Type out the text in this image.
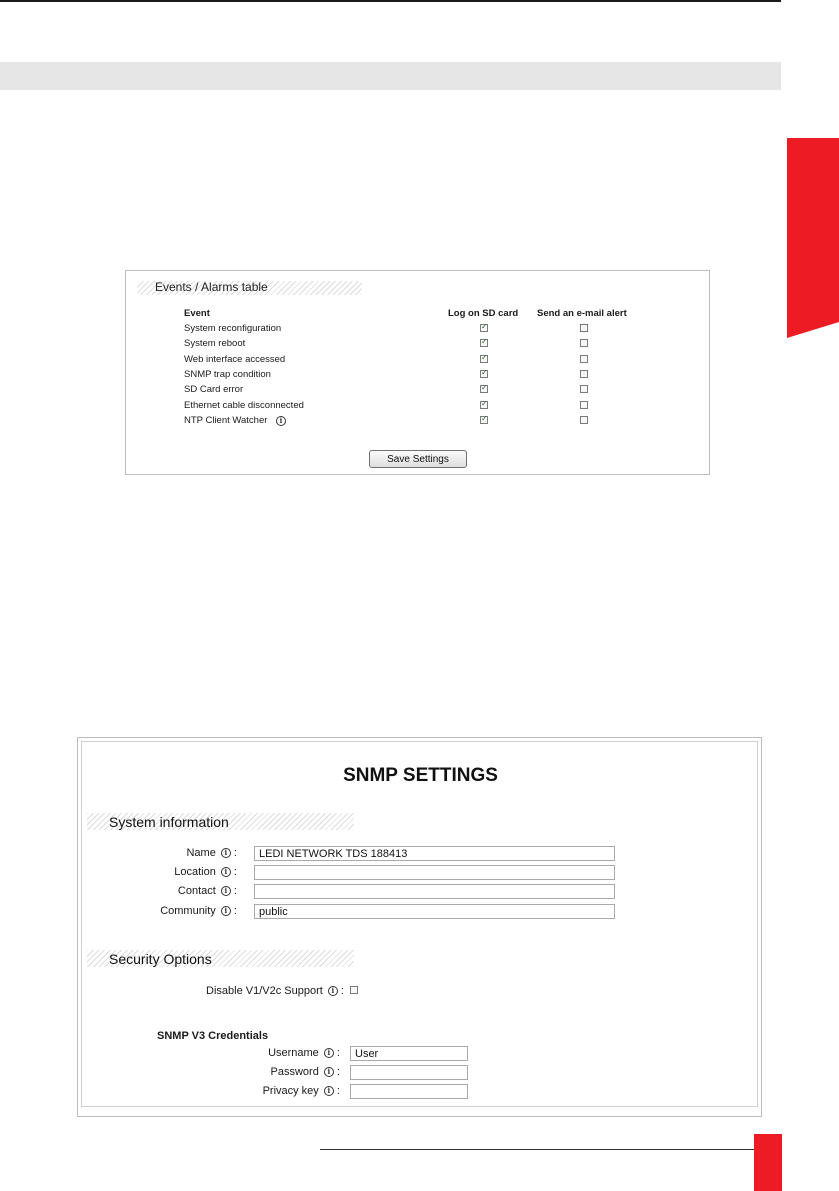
Events / Alarms table
Event	Log on SD card Send an e-mail alert
System reconfiguration
✓
System reboot
✓
Web interface accessed
✓
SNMP trap condition
✓
SD Card error
✓
Ethernet cable disconnected
✓
NTP Client Watcher	i
✓
Save Settings
SNMP SETTINGS
System information
Name i :
LEDI NETWORK TDS 188413
Location i :
Contact i :
Community i :
public
Security Options
Disable V1/V2c Support i :
SNMP V3 Credentials
Username i :
User
Password i :
Privacy key i :
